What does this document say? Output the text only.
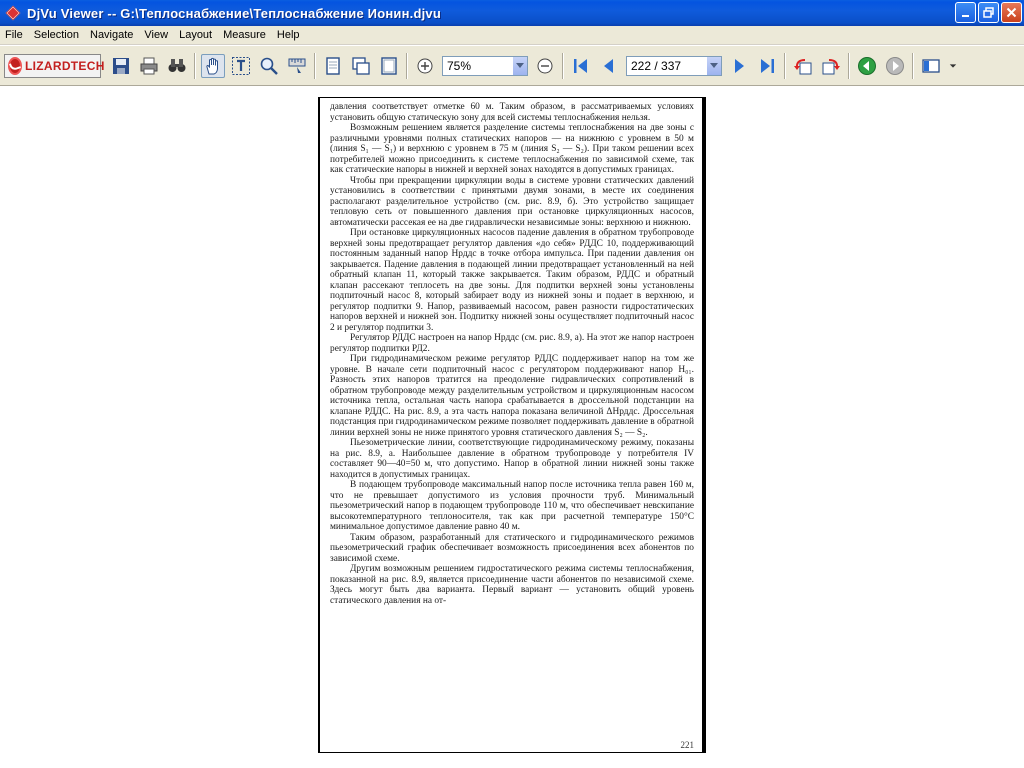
DjVu Viewer -- G:\Теплоснабжение\Теплоснабжение Ионин.djvu
File	Selection	Navigate	View	Layout	Measure	Help
LIZARDTECH	75%	222 / 337

давления соответствует отметке 60 м. Таким образом, в рассматриваемых условиях установить общую статическую зону для всей системы теплоснабжения нельзя.

Возможным решением является разделение системы теплоснабжения на две зоны с различными уровнями полных статических напоров — на нижнюю с уровнем в 50 м (линия S₁ — S₁) и верхнюю с уровнем в 75 м (линия S₂ — S₂). При таком решении всех потребителей можно присоединить к системе теплоснабжения по зависимой схеме, так как статические напоры в нижней и верхней зонах находятся в допустимых границах.

Чтобы при прекращении циркуляции воды в системе уровни статических давлений установились в соответствии с принятыми двумя зонами, в месте их соединения располагают разделительное устройство (см. рис. 8.9, б). Это устройство защищает тепловую сеть от повышенного давления при остановке циркуляционных насосов, автоматически рассекая ее на две гидравлически независимые зоны: верхнюю и нижнюю.

При остановке циркуляционных насосов падение давления в обратном трубопроводе верхней зоны предотвращает регулятор давления «до себя» РДДС 10, поддерживающий постоянным заданный напор Hрддс в точке отбора импульса. При падении давления он закрывается. Падение давления в подающей линии предотвращает установленный на ней обратный клапан 11, который также закрывается. Таким образом, РДДС и обратный клапан рассекают теплосеть на две зоны. Для подпитки верхней зоны установлены подпиточный насос 8, который забирает воду из нижней зоны и подает в верхнюю, и регулятор подпитки 9. Напор, развиваемый насосом, равен разности гидростатических напоров верхней и нижней зон. Подпитку нижней зоны осуществляет подпиточный насос 2 и регулятор подпитки 3.

Регулятор РДДС настроен на напор Hрддс (см. рис. 8.9, а). На этот же напор настроен регулятор подпитки РД2.

При гидродинамическом режиме регулятор РДДС поддерживает напор на том же уровне. В начале сети подпиточный насос с регулятором поддерживают напор H₀₁. Разность этих напоров тратится на преодоление гидравлических сопротивлений в обратном трубопроводе между разделительным устройством и циркуляционным насосом источника тепла, остальная часть напора срабатывается в дроссельной подстанции на клапане РДДС. На рис. 8.9, а эта часть напора показана величиной ΔHрддс. Дроссельная подстанция при гидродинамическом режиме позволяет поддерживать давление в обратной линии верхней зоны не ниже принятого уровня статического давления S₂ — S₂.

Пьезометрические линии, соответствующие гидродинамическому режиму, показаны на рис. 8.9, а. Наибольшее давление в обратном трубопроводе у потребителя IV составляет 90—40=50 м, что допустимо. Напор в обратной линии нижней зоны также находится в допустимых границах.

В подающем трубопроводе максимальный напор после источника тепла равен 160 м, что не превышает допустимого из условия прочности труб. Минимальный пьезометрический напор в подающем трубопроводе 110 м, что обеспечивает невскипание высокотемпературного теплоносителя, так как при расчетной температуре 150°С минимальное допустимое давление равно 40 м.

Таким образом, разработанный для статического и гидродинамического режимов пьезометрический график обеспечивает возможность присоединения всех абонентов по зависимой схеме.

Другим возможным решением гидростатического режима системы теплоснабжения, показанной на рис. 8.9, является присоединение части абонентов по независимой схеме. Здесь могут быть два варианта. Первый вариант — установить общий уровень статического давления на от-

221
